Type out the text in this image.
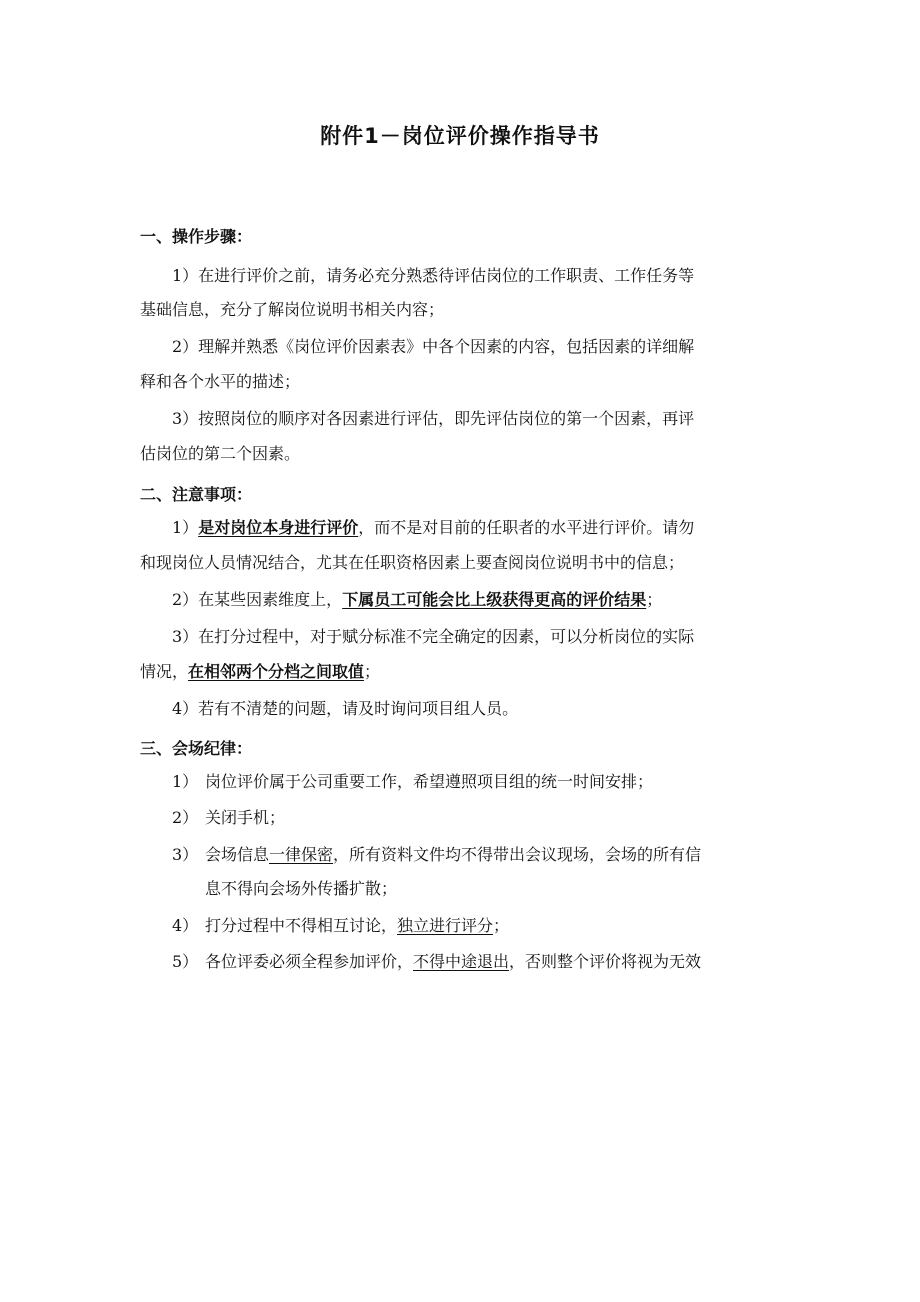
附件1－岗位评价操作指导书
一、操作步骤：
1）在进行评价之前，请务必充分熟悉待评估岗位的工作职责、工作任务等
基础信息，充分了解岗位说明书相关内容；
2）理解并熟悉《岗位评价因素表》中各个因素的内容，包括因素的详细解
释和各个水平的描述；
3）按照岗位的顺序对各因素进行评估，即先评估岗位的第一个因素，再评
估岗位的第二个因素。
二、注意事项：
1）是对岗位本身进行评价，而不是对目前的任职者的水平进行评价。请勿
和现岗位人员情况结合，尤其在任职资格因素上要查阅岗位说明书中的信息；
2）在某些因素维度上，下属员工可能会比上级获得更高的评价结果；
3）在打分过程中，对于赋分标准不完全确定的因素，可以分析岗位的实际
情况，在相邻两个分档之间取值；
4）若有不清楚的问题，请及时询问项目组人员。
三、会场纪律：
1） 岗位评价属于公司重要工作，希望遵照项目组的统一时间安排；
2） 关闭手机；
3） 会场信息一律保密，所有资料文件均不得带出会议现场，会场的所有信
息不得向会场外传播扩散；
4） 打分过程中不得相互讨论，独立进行评分；
5） 各位评委必须全程参加评价，不得中途退出，否则整个评价将视为无效
